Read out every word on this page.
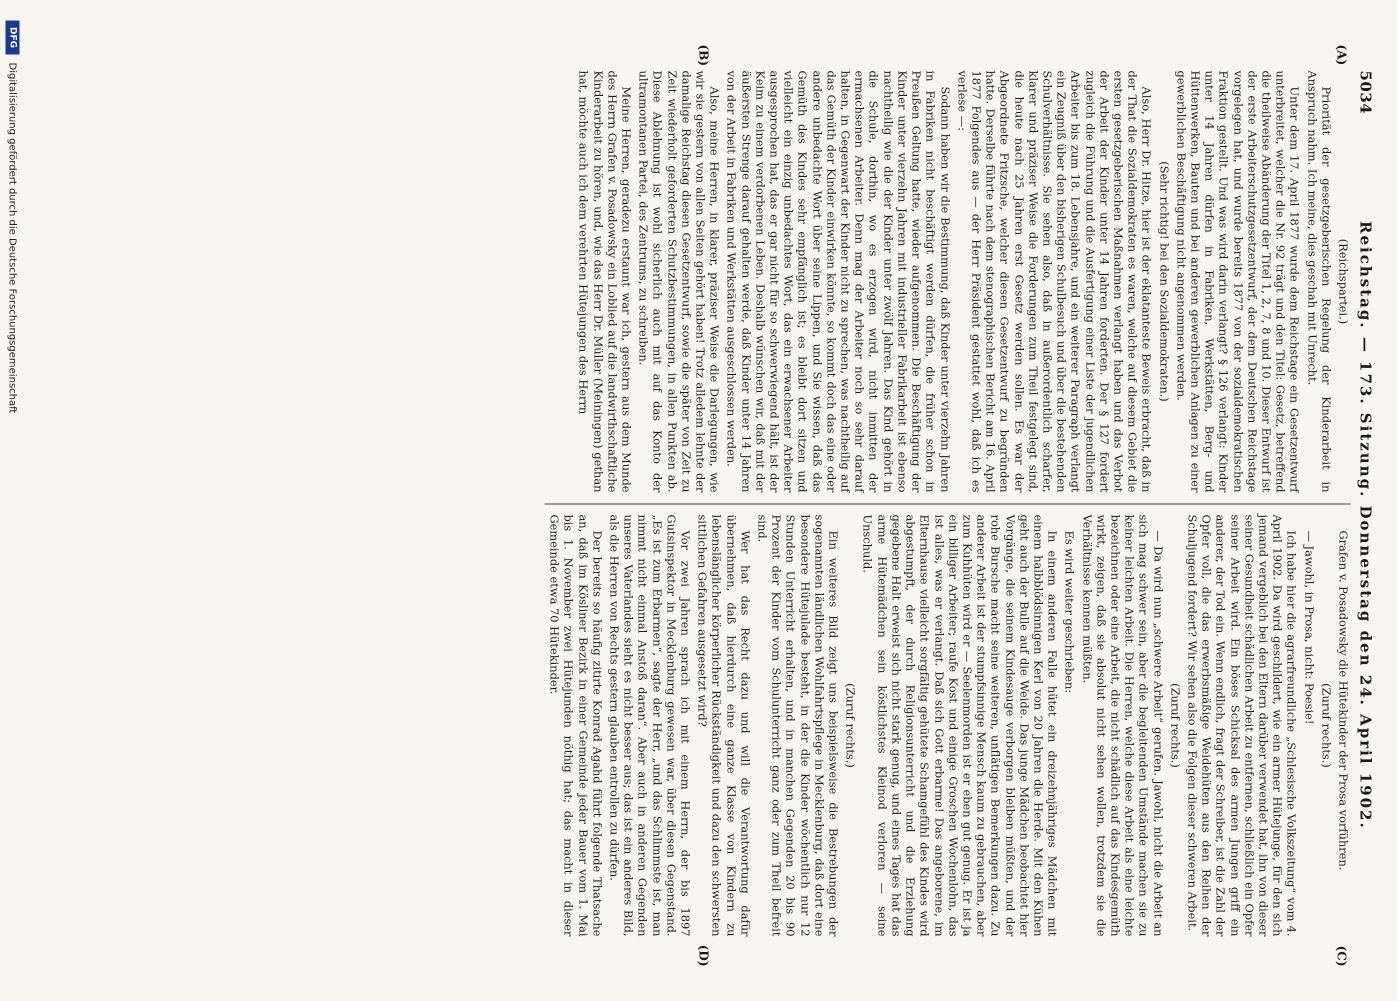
5034
Reichstag. — 173. Sitzung. Donnerstag den 24. April 1902.
(A)
(B)
(C)
(D)

(Reichspartei.)

Priorität der gesetzgeberischen Regelung der Kinderarbeit in Anspruch nahm. Ich meine, dies geschah mit Unrecht.

Unter dem 17. April 1877 wurde dem Reichstage ein Gesetzentwurf unterbreitet, welcher die Nr. 92 trägt und den Titel: Gesetz, betreffend die theilweise Abänderung der Titel 1, 2, 7, 8 und 10. Dieser Entwurf ist der erste Arbeiterschutzgesetzentwurf, der dem Deutschen Reichstage vorgelegen hat, und wurde bereits 1877 von der sozialdemokratischen Fraktion gestellt. Und was wird darin verlangt? § 126 verlangt: Kinder unter 14 Jahren dürfen in Fabriken, Werkstätten, Berg- und Hüttenwerken, Bauten und bei anderen gewerblichen Anlagen zu einer gewerblichen Beschäftigung nicht angenommen werden.

(Sehr richtig! bei den Sozialdemokraten.)

Also, Herr Dr. Hitze, hier ist der eklatanteste Beweis erbracht, daß in der That die Sozialdemokraten es waren, welche auf diesem Gebiet die ersten gesetzgeberischen Maßnahmen verlangt haben und das Verbot der Arbeit der Kinder unter 14 Jahren forderten. Der § 127 fordert zugleich die Führung und die Ausfertigung einer Liste der jugendlichen Arbeiter bis zum 18. Lebensjahre, und ein weiterer Paragraph verlangt ein Zeugniß über den bisherigen Schulbesuch und über die bestehenden Schulverhältnisse. Sie sehen also, daß in außerordentlich scharfer, klarer und präziser Weise die Forderungen zum Theil festgelegt sind, die heute nach 25 Jahren erst Gesetz werden sollen. Es war der Abgeordnete Fritzsche, welcher diesen Gesetzentwurf zu begründen hatte. Derselbe führte nach dem stenographischen Bericht am 16. April 1877 Folgendes aus — der Herr Präsident gestattet wohl, daß ich es verlese —:

Sodann haben wir die Bestimmung, daß Kinder unter vierzehn Jahren in Fabriken nicht beschäftigt werden dürfen, die früher schon in Preußen Geltung hatte, wieder aufgenommen. Die Beschäftigung der Kinder unter vierzehn Jahren mit industrieller Fabrikarbeit ist ebenso nachtheilig wie die der Kinder unter zwölf Jahren. Das Kind gehört in die Schule, dorthin, wo es erzogen wird, nicht inmitten der ermachsenen Arbeiter. Denn mag der Arbeiter noch so sehr darauf halten, in Gegenwart der Kinder nicht zu sprechen, was nachtheilig auf das Gemüth der Kinder einwirken könnte, so kommt doch das eine oder andere unbedachte Wort über seine Lippen, und Sie wissen, daß das Gemüth des Kindes sehr empfänglich ist; es bleibt dort sitzen und vielleicht ein einzig unbedachtes Wort, das ein erwachsener Arbeiter ausgesprochen hat, das er gar nicht für so schwerwiegend hält, ist der Keim zu einem verdorbenen Leben. Deshalb wünschen wir, daß mit der äußersten Strenge darauf gehalten werde, daß Kinder unter 14 Jahren von der Arbeit in Fabriken und Werkstätten ausgeschlossen werden.

Also, meine Herren, in klarer, präziser Weise die Darlegungen, wie wir sie gestern von allen Seiten gehört haben! Trotz alledem lehnte der damalige Reichstag diesen Gesetzentwurf, sowie die später von Zeit zu Zeit wiederholt geforderten Schutzbestimmungen, in allen Punkten ab. Diese Ablehnung ist wohl sicherlich auch mit auf das Konto der ultramontanen Partei, des Zentrums, zu schreiben.

Meine Herren, geradezu erstaunt war ich, gestern aus dem Munde des Herrn Grafen v. Posadowsky ein Loblied auf die landwirthschaftliche Kinderarbeit zu hören, und, wie das Herr Dr. Müller (Meiningen) gethan hat, möchte auch ich dem verehrten Hütejungen des Herrn

Grafen v. Posadowsky die Hütekinder der Prosa vorführen.

(Zuruf rechts.)

— Jawohl, in Prosa, nicht: Poesie!

Ich habe hier die agrarfreundliche „Schlesische Volkszeitung“ vom 4. April 1902. Da wird geschildert, wie ein armer Hütejunge, für den sich jemand vergeblich bei den Eltern darüber verwendet hat, ihn von dieser seiner Gesundheit schädlichen Arbeit zu entfernen, schließlich ein Opfer seiner Arbeit wird. Ein böses Schicksal des armen Jungen griff ein anderer, der Tod ein. Wenn endlich, fragt der Schreiber, ist die Zahl der Opfer voll, die das erwerbsmäßige Weidehüten aus den Reihen der Schuljugend fordert? Wir sehen also die Folgen dieser schweren Arbeit.

(Zuruf rechts.)

— Da wird nun „schwere Arbeit“ gerufen. Jawohl, nicht die Arbeit an sich mag schwer sein, aber die begleitenden Umstände machen sie zu keiner leichten Arbeit. Die Herren, welche diese Arbeit als eine leichte bezeichnen oder eine Arbeit, die nicht schädlich auf das Kindesgemüth wirkt, zeigen, daß sie absolut nicht sehen wollen, trotzdem sie die Verhältnisse kennen müßten.

Es wird weiter geschrieben:

In einem anderen Falle hütet ein dreizehnjähriges Mädchen mit einem halbblödsinnigen Kerl von 20 Jahren die Herde. Mit den Kühen geht auch der Bulle auf die Weide. Das junge Mädchen beobachtet hier Vorgänge, die seinem Kindesauge verborgen bleiben müßten, und der rohe Bursche macht seine weiteren, unflätigen Bemerkungen dazu. Zu anderer Arbeit ist der stumpfsinnige Mensch kaum zu gebrauchen, aber zum Kuhhüten wird er — Seelenmorden ist er eben gut genug. Er ist ja ein billiger Arbeiter; raufe Kost und einige Groschen Wochenlohn, das ist alles, was er verlangt. Daß sich Gott erbarme! Das angeborene, im Elternhause vielleicht sorgfältig gehütete Schamgefühl des Kindes wird abgestumpft, der durch Religionsunterricht und die Erziehung gegebene Halt erweist sich nicht stark genug, und eines Tages hat das arme Hütemädchen sein köstlichstes Kleinod verloren — seine Unschuld.

(Zuruf rechts.)

Ein weiteres Bild zeigt uns beispielsweise die Bestrebungen der sogenannten ländlichen Wohlfahrtspflege in Mecklenburg, daß dort eine besondere Hütejulade besteht, in der die Kinder wöchentlich nur 12 Stunden Unterricht erhalten, und in manchen Gegenden 20 bis 90 Prozent der Kinder vom Schulunterricht ganz oder zum Theil befreit sind.

Wer hat das Recht dazu und will die Verantwortung dafür übernehmen, daß hierdurch eine ganze Klasse von Kindern zu lebenslänglicher körperlicher Rückständigkeit und dazu den schwersten sittlichen Gefahren ausgesetzt wird?

Vor zwei Jahren sprach ich mit einem Herrn, der bis 1897 Gutsinspektor in Mecklenburg gewesen war, über diesen Gegenstand. „Es ist zum Erbarmen“, sagte der Herr, „und das Schlimmste ist, man nimmt nicht einmal Anstoß daran“. Aber auch in anderen Gegenden unseres Vaterlandes sieht es nicht besser aus; das ist ein anderes Bild, als die Herren von Rechts gestern glauben entrollen zu dürfen.

Der bereits so häufig zitirte Konrad Agahd führt folgende Thatsache an, daß im Kösliner Bezirk in einer Gemeinde jeder Bauer vom 1. Mai bis 1. November zwei Hütejunden nöthig hat; das macht in dieser Gemeinde etwa 70 Hütekinder.

DFG
Digitalisierung gefördert durch die Deutsche Forschungsgemeinschaft
